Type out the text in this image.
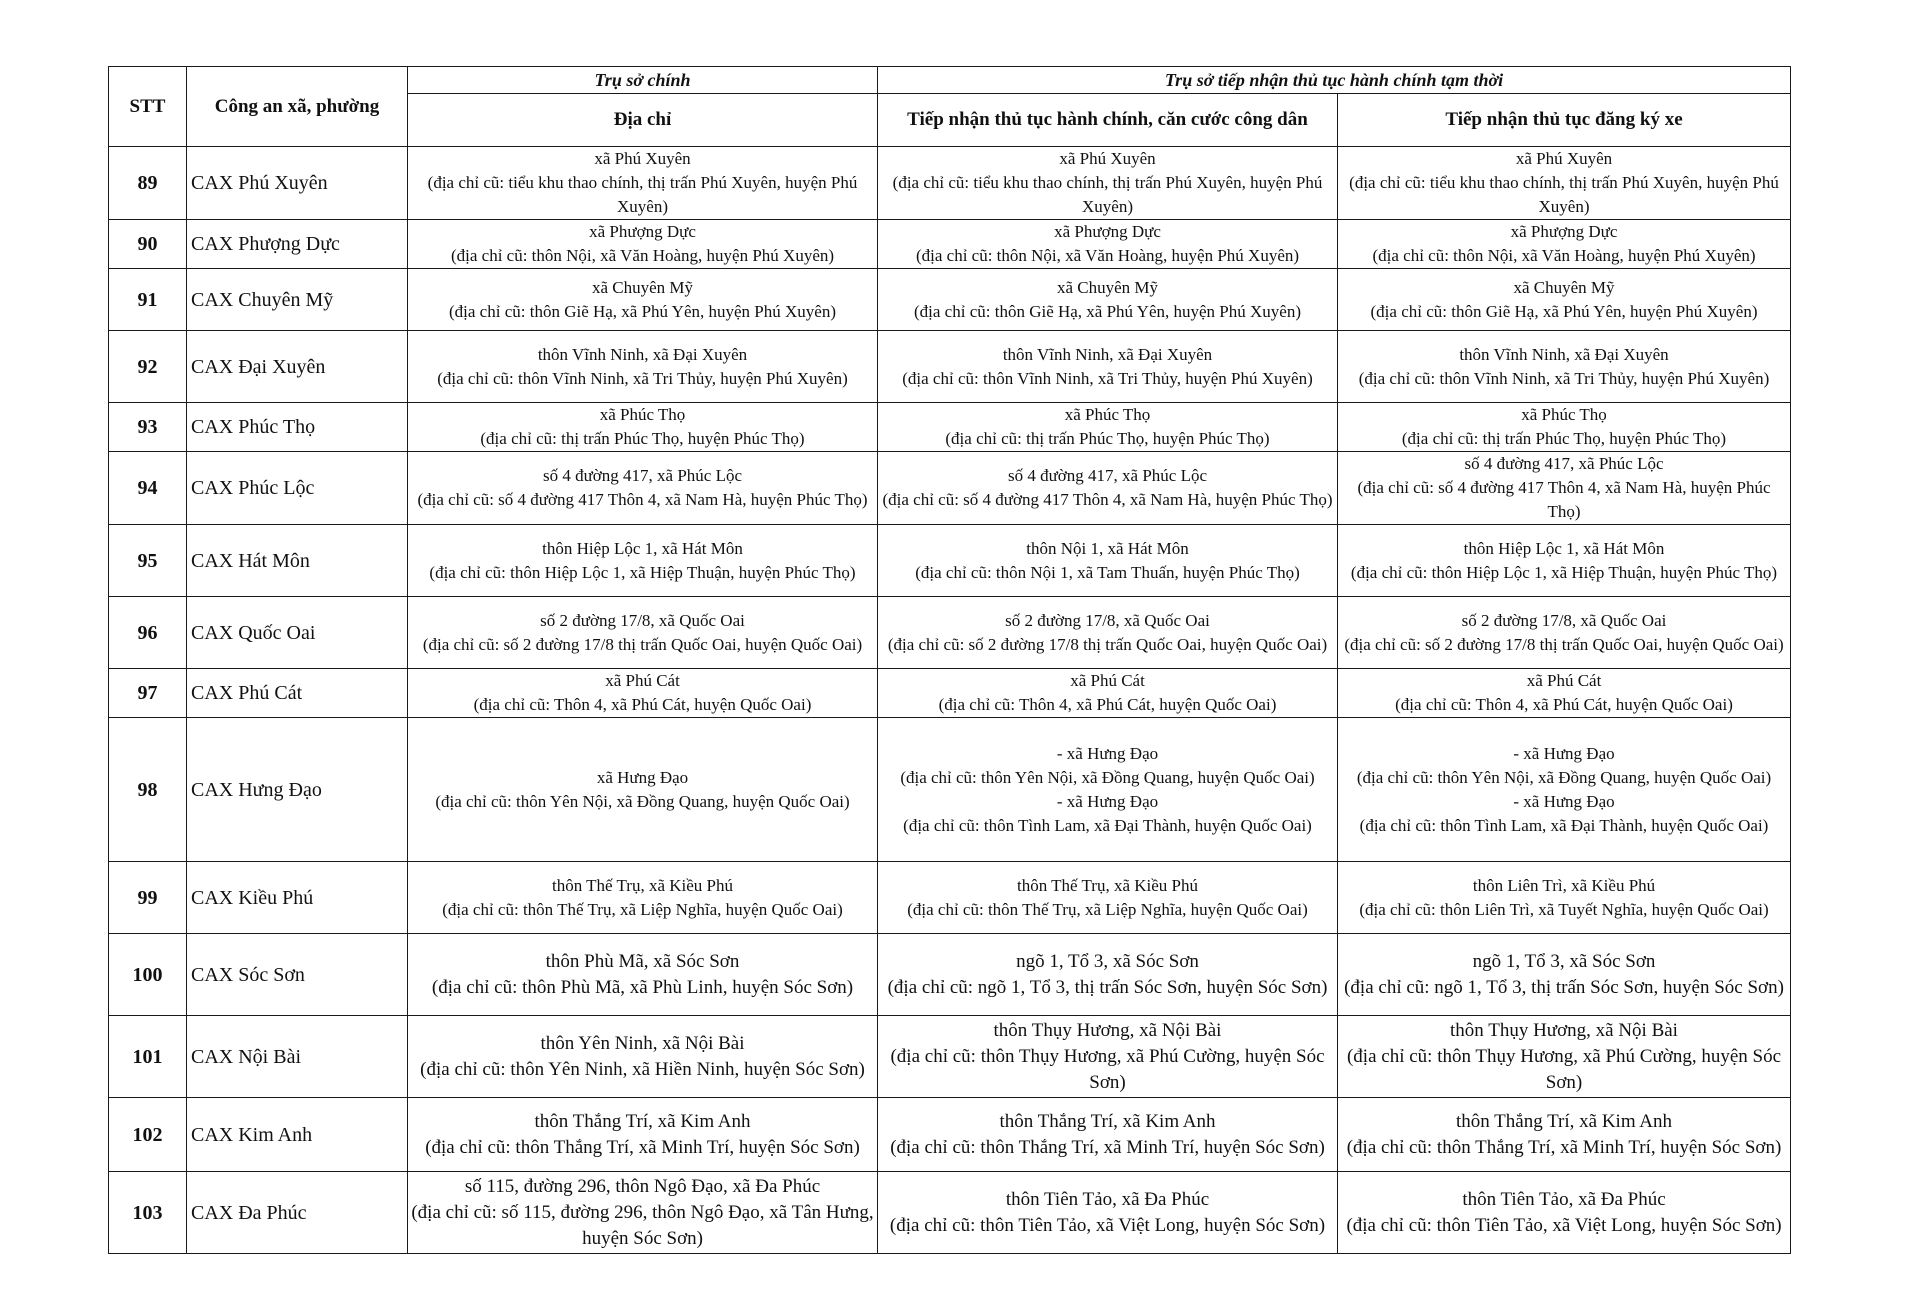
STT	Công an xã, phường	Trụ sở chính	Trụ sở tiếp nhận thủ tục hành chính tạm thời	
		Địa chỉ	Tiếp nhận thủ tục hành chính, căn cước công dân	Tiếp nhận thủ tục đăng ký xe
89	CAX Phú Xuyên	xã Phú Xuyên
(địa chỉ cũ: tiểu khu thao chính, thị trấn Phú Xuyên, huyện Phú Xuyên)	xã Phú Xuyên
(địa chỉ cũ: tiểu khu thao chính, thị trấn Phú Xuyên, huyện Phú Xuyên)	xã Phú Xuyên
(địa chỉ cũ: tiểu khu thao chính, thị trấn Phú Xuyên, huyện Phú Xuyên)

90	CAX Phượng Dực	xã Phượng Dực
(địa chỉ cũ: thôn Nội, xã Văn Hoàng, huyện Phú Xuyên)	xã Phượng Dực
(địa chỉ cũ: thôn Nội, xã Văn Hoàng, huyện Phú Xuyên)	xã Phượng Dực
(địa chỉ cũ: thôn Nội, xã Văn Hoàng, huyện Phú Xuyên)

91	CAX Chuyên Mỹ	xã Chuyên Mỹ
(địa chỉ cũ: thôn Giẽ Hạ, xã Phú Yên, huyện Phú Xuyên)	xã Chuyên Mỹ
(địa chỉ cũ: thôn Giẽ Hạ, xã Phú Yên, huyện Phú Xuyên)	xã Chuyên Mỹ
(địa chỉ cũ: thôn Giẽ Hạ, xã Phú Yên, huyện Phú Xuyên)

92	CAX Đại Xuyên	thôn Vĩnh Ninh, xã Đại Xuyên
(địa chỉ cũ: thôn Vĩnh Ninh, xã Tri Thủy, huyện Phú Xuyên)	thôn Vĩnh Ninh, xã Đại Xuyên
(địa chỉ cũ: thôn Vĩnh Ninh, xã Tri Thủy, huyện Phú Xuyên)	thôn Vĩnh Ninh, xã Đại Xuyên
(địa chỉ cũ: thôn Vĩnh Ninh, xã Tri Thủy, huyện Phú Xuyên)

93	CAX Phúc Thọ	xã Phúc Thọ
(địa chỉ cũ: thị trấn Phúc Thọ, huyện Phúc Thọ)	xã Phúc Thọ
(địa chỉ cũ: thị trấn Phúc Thọ, huyện Phúc Thọ)	xã Phúc Thọ
(địa chỉ cũ: thị trấn Phúc Thọ, huyện Phúc Thọ)

94	CAX Phúc Lộc	số 4 đường 417, xã Phúc Lộc
(địa chỉ cũ: số 4 đường 417 Thôn 4, xã Nam Hà, huyện Phúc Thọ)	số 4 đường 417, xã Phúc Lộc
(địa chỉ cũ: số 4 đường 417 Thôn 4, xã Nam Hà, huyện Phúc Thọ)	số 4 đường 417, xã Phúc Lộc
(địa chỉ cũ: số 4 đường 417 Thôn 4, xã Nam Hà, huyện Phúc Thọ)

95	CAX Hát Môn	thôn Hiệp Lộc 1, xã Hát Môn
(địa chỉ cũ: thôn Hiệp Lộc 1, xã Hiệp Thuận, huyện Phúc Thọ)	thôn Nội 1, xã Hát Môn
(địa chỉ cũ: thôn Nội 1, xã Tam Thuấn, huyện Phúc Thọ)	thôn Hiệp Lộc 1, xã Hát Môn
(địa chỉ cũ: thôn Hiệp Lộc 1, xã Hiệp Thuận, huyện Phúc Thọ)

96	CAX Quốc Oai	số 2 đường 17/8, xã Quốc Oai
(địa chỉ cũ: số 2 đường 17/8 thị trấn Quốc Oai, huyện Quốc Oai)	số 2 đường 17/8, xã Quốc Oai
(địa chỉ cũ: số 2 đường 17/8 thị trấn Quốc Oai, huyện Quốc Oai)	số 2 đường 17/8, xã Quốc Oai
(địa chỉ cũ: số 2 đường 17/8 thị trấn Quốc Oai, huyện Quốc Oai)

97	CAX Phú Cát	xã Phú Cát
(địa chỉ cũ: Thôn 4, xã Phú Cát, huyện Quốc Oai)	xã Phú Cát
(địa chỉ cũ: Thôn 4, xã Phú Cát, huyện Quốc Oai)	xã Phú Cát
(địa chỉ cũ: Thôn 4, xã Phú Cát, huyện Quốc Oai)

98	CAX Hưng Đạo	xã Hưng Đạo
(địa chỉ cũ: thôn Yên Nội, xã Đồng Quang, huyện Quốc Oai)	- xã Hưng Đạo
(địa chỉ cũ: thôn Yên Nội, xã Đồng Quang, huyện Quốc Oai)
- xã Hưng Đạo
(địa chỉ cũ: thôn Tình Lam, xã Đại Thành, huyện Quốc Oai)	- xã Hưng Đạo
(địa chỉ cũ: thôn Yên Nội, xã Đồng Quang, huyện Quốc Oai)
- xã Hưng Đạo
(địa chỉ cũ: thôn Tình Lam, xã Đại Thành, huyện Quốc Oai)

99	CAX Kiều Phú	thôn Thế Trụ, xã Kiều Phú
(địa chỉ cũ: thôn Thế Trụ, xã Liệp Nghĩa, huyện Quốc Oai)	thôn Thế Trụ, xã Kiều Phú
(địa chỉ cũ: thôn Thế Trụ, xã Liệp Nghĩa, huyện Quốc Oai)	thôn Liên Trì, xã Kiều Phú
(địa chỉ cũ: thôn Liên Trì, xã Tuyết Nghĩa, huyện Quốc Oai)

100	CAX Sóc Sơn	thôn Phù Mã, xã Sóc Sơn
(địa chỉ cũ: thôn Phù Mã, xã Phù Linh, huyện Sóc Sơn)	ngõ 1, Tổ 3, xã Sóc Sơn
(địa chỉ cũ: ngõ 1, Tổ 3, thị trấn Sóc Sơn, huyện Sóc Sơn)	ngõ 1, Tổ 3, xã Sóc Sơn
(địa chỉ cũ: ngõ 1, Tổ 3, thị trấn Sóc Sơn, huyện Sóc Sơn)

101	CAX Nội Bài	thôn Yên Ninh, xã Nội Bài
(địa chỉ cũ: thôn Yên Ninh, xã Hiền Ninh, huyện Sóc Sơn)	thôn Thụy Hương, xã Nội Bài
(địa chỉ cũ: thôn Thụy Hương, xã Phú Cường, huyện Sóc Sơn)	thôn Thụy Hương, xã Nội Bài
(địa chỉ cũ: thôn Thụy Hương, xã Phú Cường, huyện Sóc Sơn)

102	CAX Kim Anh	thôn Thắng Trí, xã Kim Anh
(địa chỉ cũ: thôn Thắng Trí, xã Minh Trí, huyện Sóc Sơn)	thôn Thắng Trí, xã Kim Anh
(địa chỉ cũ: thôn Thắng Trí, xã Minh Trí, huyện Sóc Sơn)	thôn Thắng Trí, xã Kim Anh
(địa chỉ cũ: thôn Thắng Trí, xã Minh Trí, huyện Sóc Sơn)

103	CAX Đa Phúc	số 115, đường 296, thôn Ngô Đạo, xã Đa Phúc
(địa chỉ cũ: số 115, đường 296, thôn Ngô Đạo, xã Tân Hưng, huyện Sóc Sơn)	thôn Tiên Tảo, xã Đa Phúc
(địa chỉ cũ: thôn Tiên Tảo, xã Việt Long, huyện Sóc Sơn)	thôn Tiên Tảo, xã Đa Phúc
(địa chỉ cũ: thôn Tiên Tảo, xã Việt Long, huyện Sóc Sơn)
